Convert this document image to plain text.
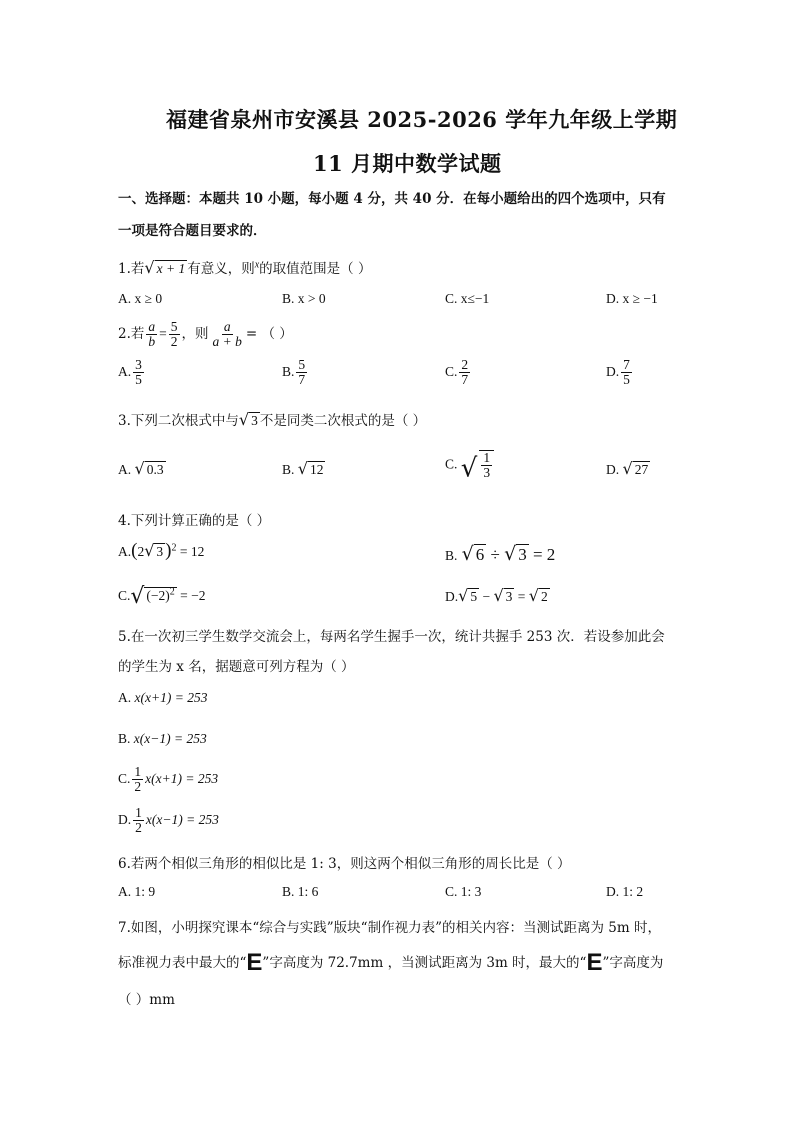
福建省泉州市安溪县 2025-2026 学年九年级上学期
11 月期中数学试题
一、选择题：本题共 10 小题，每小题 4 分，共 40 分．在每小题给出的四个选项中，只有
一项是符合题目要求的．
1.若√ x + 1 有意义，则$^x$的取值范围是（ ）
A. x ≥ 0	B. x > 0	C. x≤−1	D. x ≥ −1
2.若 $\frac{a}{b} = \frac{5}{2}$ ，则 $\frac{a}{a + b}$ = （ ）
A. $\frac{3}{5}$	B. $\frac{5}{7}$	C. $\frac{2}{7}$	D. $\frac{7}{5}$
3.下列二次根式中与√ 3 不是同类二次根式的是（ ）
A. √ 0.3	B. √ 12	C. √ $\frac{1}{3}$	D. √ 27
4.下列计算正确的是（ ）
A.(2√ 3 )$^2$ = 12	B. √ 6 ÷ √ 3 = 2
C.√ $(-2)^2 = -2$	D.√ 5 − √ 3 = √ 2
5.在一次初三学生数学交流会上，每两名学生握手一次，统计共握手 253 次．若设参加此会
的学生为 x 名，据题意可列方程为（ ）
A. x(x+1) = 253
B. x(x−1) = 253
C. $\frac{1}{2} x(x+1) = 253$
D. $\frac{1}{2} x(x-1) = 253$
6.若两个相似三角形的相似比是 1: 3，则这两个相似三角形的周长比是（ ）
A. 1: 9	B. 1: 6	C. 1: 3	D. 1: 2
7.如图，小明探究课本“综合与实践”版块“制作视力表”的相关内容：当测试距离为 5m 时，
标准视力表中最大的“E”字高度为 72.7mm ，当测试距离为 3m 时，最大的“E”字高度为
（ ）mm
